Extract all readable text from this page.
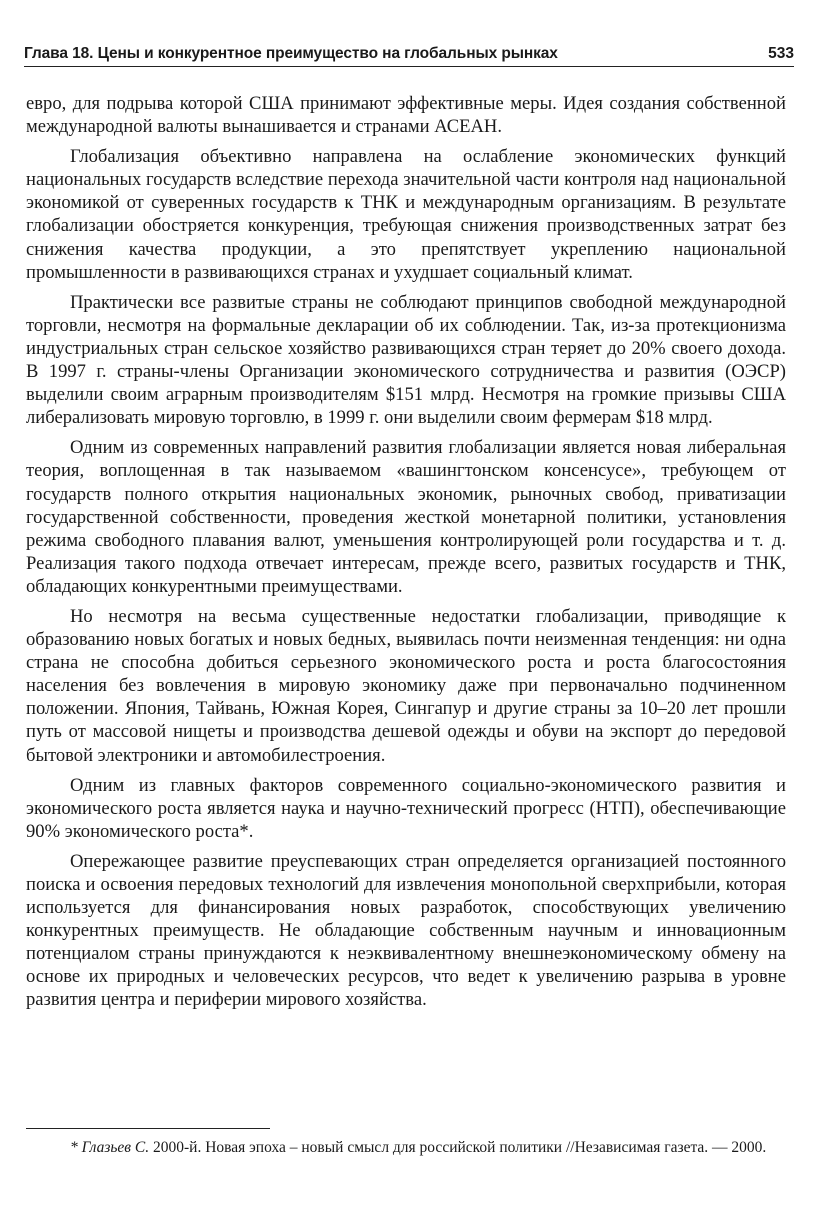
Глава 18. Цены и конкурентное преимущество на глобальных рынках	533

евро, для подрыва которой США принимают эффективные меры. Идея создания собственной международной валюты вынашивается и странами АСЕАН.

Глобализация объективно направлена на ослабление экономических функций национальных государств вследствие перехода значительной части контроля над национальной экономикой от суверенных государств к ТНК и международным организациям. В результате глобализации обостряется конкуренция, требующая снижения производственных затрат без снижения качества продукции, а это препятствует укреплению национальной промышленности в развивающихся странах и ухудшает социальный климат.

Практически все развитые страны не соблюдают принципов свободной международной торговли, несмотря на формальные декларации об их соблюдении. Так, из-за протекционизма индустриальных стран сельское хозяйство развивающихся стран теряет до 20% своего дохода. В 1997 г. страны-члены Организации экономического сотрудничества и развития (ОЭСР) выделили своим аграрным производителям $151 млрд. Несмотря на громкие призывы США либерализовать мировую торговлю, в 1999 г. они выделили своим фермерам $18 млрд.

Одним из современных направлений развития глобализации является новая либеральная теория, воплощенная в так называемом «вашингтонском консенсусе», требующем от государств полного открытия национальных экономик, рыночных свобод, приватизации государственной собственности, проведения жесткой монетарной политики, установления режима свободного плавания валют, уменьшения контролирующей роли государства и т. д. Реализация такого подхода отвечает интересам, прежде всего, развитых государств и ТНК, обладающих конкурентными преимуществами.

Но несмотря на весьма существенные недостатки глобализации, приводящие к образованию новых богатых и новых бедных, выявилась почти неизменная тенденция: ни одна страна не способна добиться серьезного экономического роста и роста благосостояния населения без вовлечения в мировую экономику даже при первоначально подчиненном положении. Япония, Тайвань, Южная Корея, Сингапур и другие страны за 10–20 лет прошли путь от массовой нищеты и производства дешевой одежды и обуви на экспорт до передовой бытовой электроники и автомобилестроения.

Одним из главных факторов современного социально-экономического развития и экономического роста является наука и научно-технический прогресс (НТП), обеспечивающие 90% экономического роста*.

Опережающее развитие преуспевающих стран определяется организацией постоянного поиска и освоения передовых технологий для извлечения монопольной сверхприбыли, которая используется для финансирования новых разработок, способствующих увеличению конкурентных преимуществ. Не обладающие собственным научным и инновационным потенциалом страны принуждаются к неэквивалентному внешнеэкономическому обмену на основе их природных и человеческих ресурсов, что ведет к увеличению разрыва в уровне развития центра и периферии мирового хозяйства.

* Глазьев С. 2000-й. Новая эпоха – новый смысл для российской политики //Независимая газета. — 2000.
